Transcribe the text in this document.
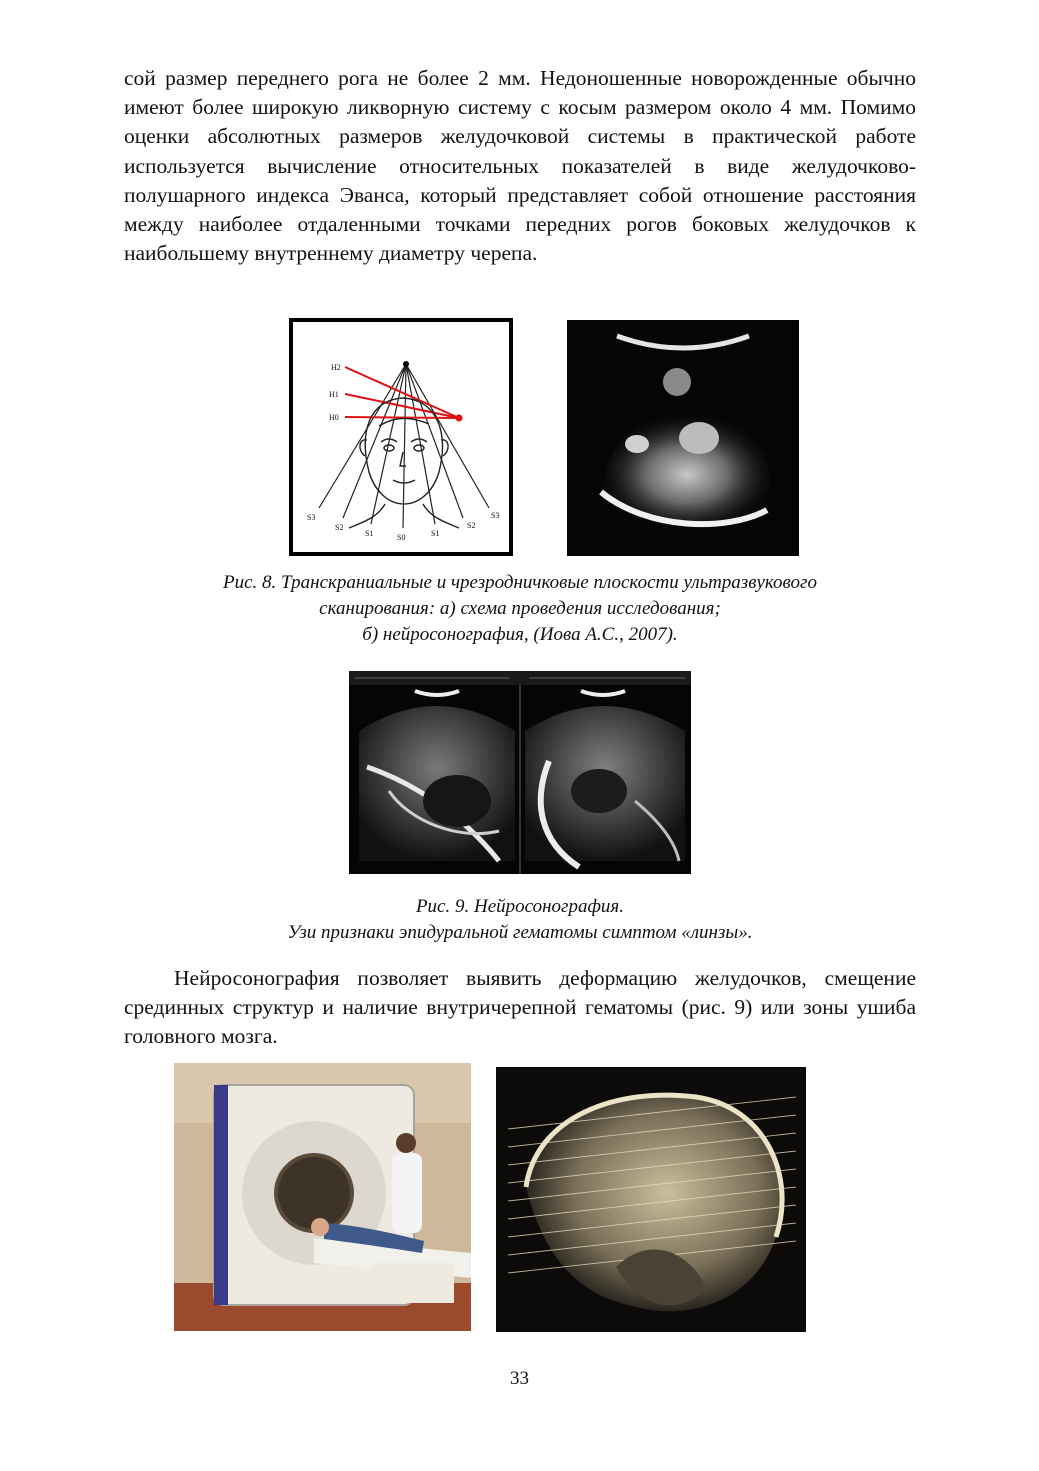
сой размер переднего рога не более 2 мм. Недоношенные новорожденные обычно имеют более широкую ликворную систему с косым размером около 4 мм. Помимо оценки абсолютных размеров желудочковой системы в практической работе используется вычисление относительных показателей в виде желудочково-полушарного индекса Эванса, который представляет собой отношение расстояния между наиболее отдаленными точками передних рогов боковых желудочков к наибольшему внутреннему диаметру черепа.

H2
H1
H0
S3
S2
S1	S0	S1
S2
S3

Рис. 8. Транскраниальные и чрезродничковые плоскости ультразвукового
сканирования: а) схема проведения исследования;
б) нейросонография, (Иова А.С., 2007).

Рис. 9. Нейросонография.
Узи признаки эпидуральной гематомы симптом «линзы».

Нейросонография позволяет выявить деформацию желудочков, смещение срединных структур и наличие внутричерепной гематомы (рис. 9) или зоны ушиба головного мозга.

33
